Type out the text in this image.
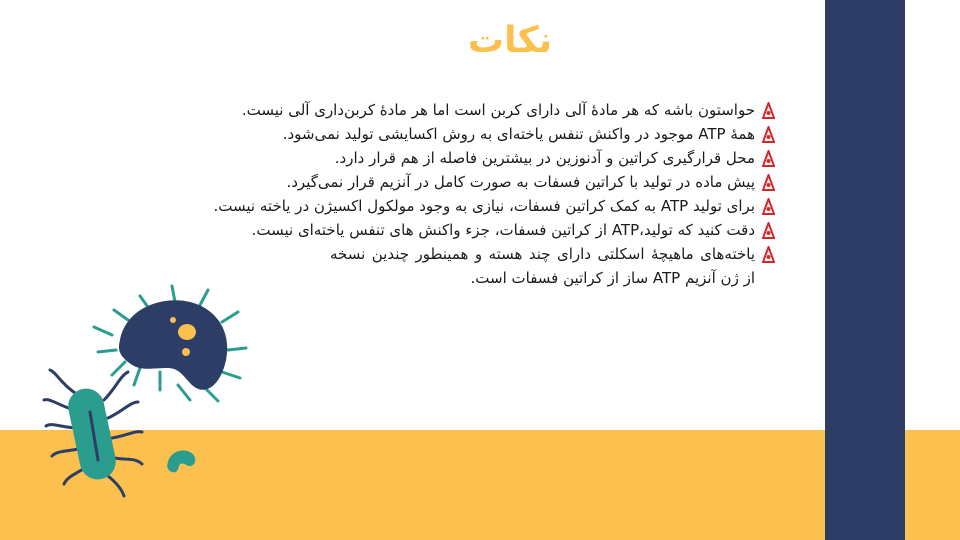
نکات
حواستون باشه که هر مادۀ آلی دارای کربن است اما هر مادۀ کربن‌داری آلی نیست.
همۀ ATP موجود در واکنش تنفس یاخته‌ای به روش اکسایشی تولید نمی‌شود.
محل قرارگیری کراتین و آدنوزین در بیشترین فاصله از هم قرار دارد.
پیش ماده در تولید با کراتین فسفات به صورت کامل در آنزیم قرار نمی‌گیرد.
برای تولید ATP به کمک کراتین فسفات، نیازی به وجود مولکول اکسیژن در یاخته نیست.
دقت کنید که تولید،ATP از کراتین فسفات، جزء واکنش های تنفس یاخته‌ای نیست.
یاخته‌های ماهیچۀ اسکلتی دارای چند هسته و همینطور چندین نسخه از ژن آنزیم ATP ساز از کراتین فسفات است.
